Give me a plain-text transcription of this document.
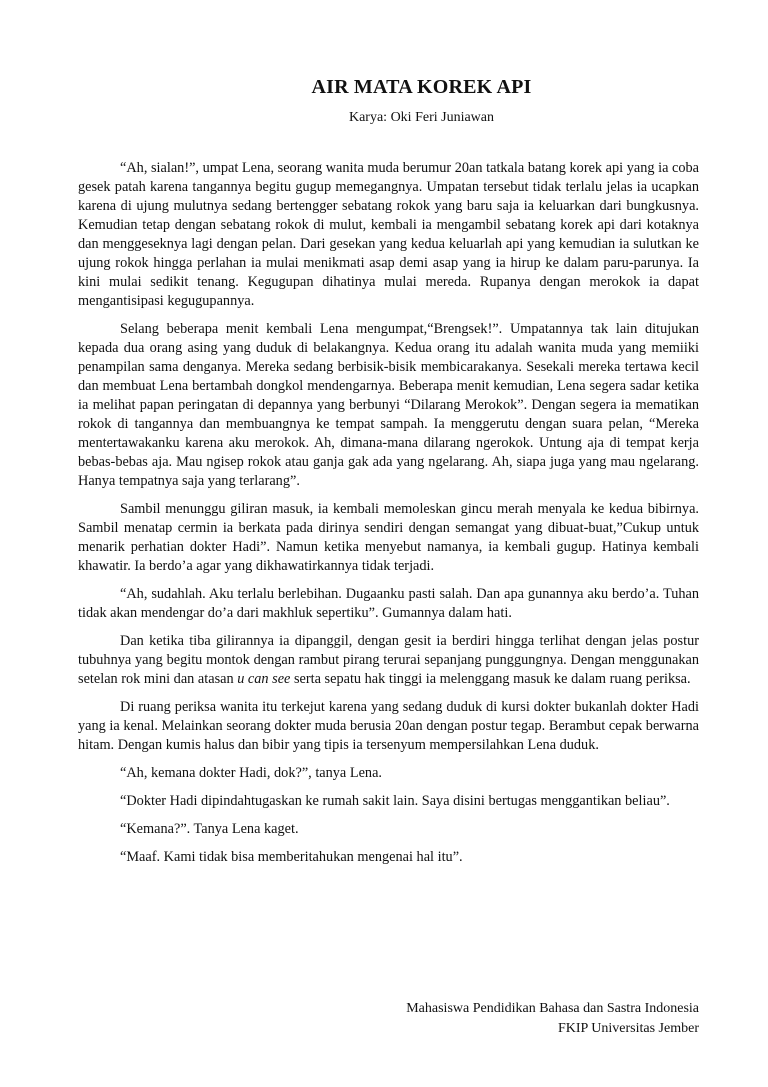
AIR MATA KOREK API
Karya: Oki Feri Juniawan

“Ah, sialan!”, umpat Lena, seorang wanita muda berumur 20an tatkala batang korek api yang ia coba gesek patah karena tangannya begitu gugup memegangnya. Umpatan tersebut tidak terlalu jelas ia ucapkan karena di ujung mulutnya sedang bertengger sebatang rokok yang baru saja ia keluarkan dari bungkusnya. Kemudian tetap dengan sebatang rokok di mulut, kembali ia mengambil sebatang korek api dari kotaknya dan menggeseknya lagi dengan pelan. Dari gesekan yang kedua keluarlah api yang kemudian ia sulutkan ke ujung rokok hingga perlahan ia mulai menikmati asap demi asap yang ia hirup ke dalam paru-parunya. Ia kini mulai sedikit tenang. Kegugupan dihatinya mulai mereda. Rupanya dengan merokok ia dapat mengantisipasi kegugupannya.

Selang beberapa menit kembali Lena mengumpat,“Brengsek!”. Umpatannya tak lain ditujukan kepada dua orang asing yang duduk di belakangnya. Kedua orang itu adalah wanita muda yang memiiki penampilan sama denganya. Mereka sedang berbisik-bisik membicarakanya. Sesekali mereka tertawa kecil dan membuat Lena bertambah dongkol mendengarnya. Beberapa menit kemudian, Lena segera sadar ketika ia melihat papan peringatan di depannya yang berbunyi “Dilarang Merokok”. Dengan segera ia mematikan rokok di tangannya dan membuangnya ke tempat sampah. Ia menggerutu dengan suara pelan, “Mereka mentertawakanku karena aku merokok. Ah, dimana-mana dilarang ngerokok. Untung aja di tempat kerja bebas-bebas aja. Mau ngisep rokok atau ganja gak ada yang ngelarang. Ah, siapa juga yang mau ngelarang. Hanya tempatnya saja yang terlarang”.

Sambil menunggu giliran masuk, ia kembali memoleskan gincu merah menyala ke kedua bibirnya. Sambil menatap cermin ia berkata pada dirinya sendiri dengan semangat yang dibuat-buat,”Cukup untuk menarik perhatian dokter Hadi”. Namun ketika menyebut namanya, ia kembali gugup. Hatinya kembali khawatir. Ia berdo’a agar yang dikhawatirkannya tidak terjadi.

“Ah, sudahlah. Aku terlalu berlebihan. Dugaanku pasti salah. Dan apa gunannya aku berdo’a. Tuhan tidak akan mendengar do’a dari makhluk sepertiku”. Gumannya dalam hati.

Dan ketika tiba gilirannya ia dipanggil, dengan gesit ia berdiri hingga terlihat dengan jelas postur tubuhnya yang begitu montok dengan rambut pirang terurai sepanjang punggungnya. Dengan menggunakan setelan rok mini dan atasan u can see serta sepatu hak tinggi ia melenggang masuk ke dalam ruang periksa.

Di ruang periksa wanita itu terkejut karena yang sedang duduk di kursi dokter bukanlah dokter Hadi yang ia kenal. Melainkan seorang dokter muda berusia 20an dengan postur tegap. Berambut cepak berwarna hitam. Dengan kumis halus dan bibir yang tipis ia tersenyum mempersilahkan Lena duduk.

“Ah, kemana dokter Hadi, dok?”, tanya Lena.

“Dokter Hadi dipindahtugaskan ke rumah sakit lain. Saya disini bertugas menggantikan beliau”.

“Kemana?”. Tanya Lena kaget.

“Maaf. Kami tidak bisa memberitahukan mengenai hal itu”.

Mahasiswa Pendidikan Bahasa dan Sastra Indonesia
FKIP Universitas Jember
